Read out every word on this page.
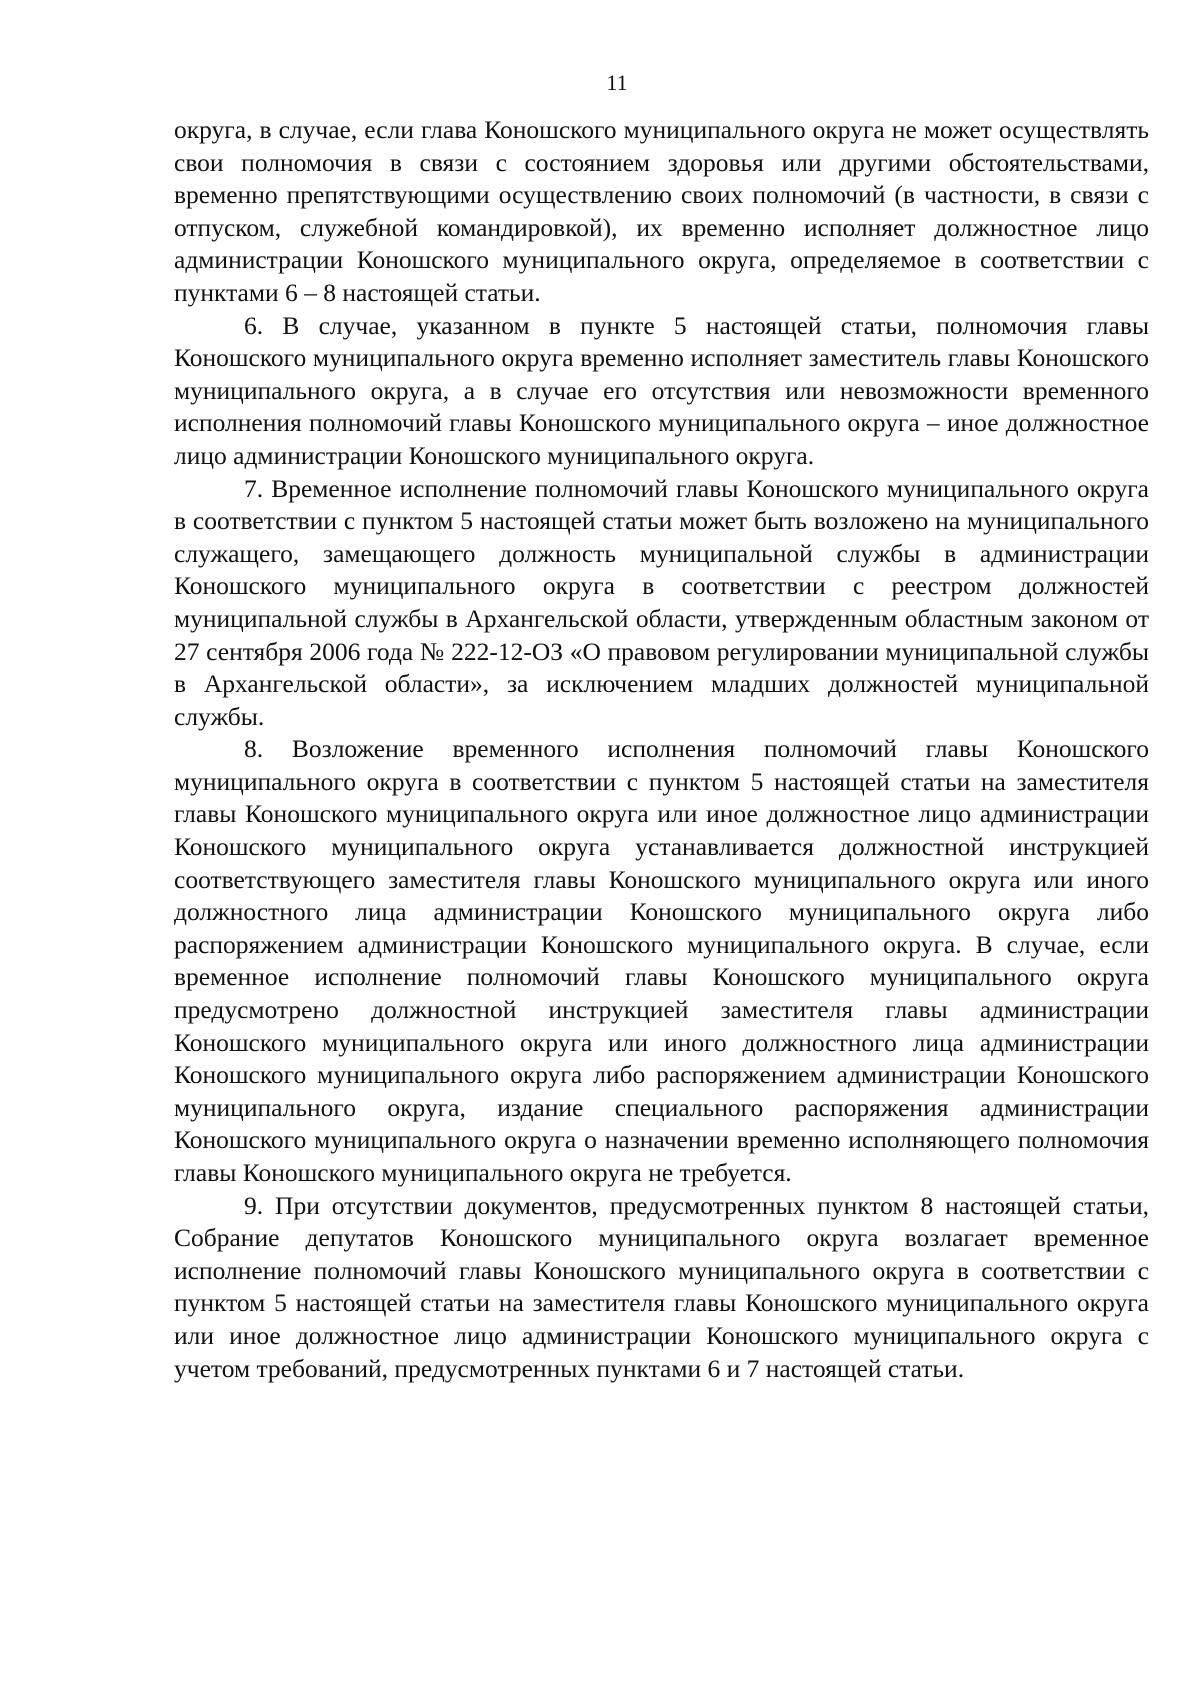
11

округа, в случае, если глава Коношского муниципального округа не может осуществлять свои полномочия в связи с состоянием здоровья или другими обстоятельствами, временно препятствующими осуществлению своих полномочий (в частности, в связи с отпуском, служебной командировкой), их временно исполняет должностное лицо администрации Коношского муниципального округа, определяемое в соответствии с пунктами 6 – 8 настоящей статьи.

6. В случае, указанном в пункте 5 настоящей статьи, полномочия главы Коношского муниципального округа временно исполняет заместитель главы Коношского муниципального округа, а в случае его отсутствия или невозможности временного исполнения полномочий главы Коношского муниципального округа – иное должностное лицо администрации Коношского муниципального округа.

7. Временное исполнение полномочий главы Коношского муниципального округа в соответствии с пунктом 5 настоящей статьи может быть возложено на муниципального служащего, замещающего должность муниципальной службы в администрации Коношского муниципального округа в соответствии с реестром должностей муниципальной службы в Архангельской области, утвержденным областным законом от 27 сентября 2006 года № 222-12-ОЗ «О правовом регулировании муниципальной службы в Архангельской области», за исключением младших должностей муниципальной службы.

8. Возложение временного исполнения полномочий главы Коношского муниципального округа в соответствии с пунктом 5 настоящей статьи на заместителя главы Коношского муниципального округа или иное должностное лицо администрации Коношского муниципального округа устанавливается должностной инструкцией соответствующего заместителя главы Коношского муниципального округа или иного должностного лица администрации Коношского муниципального округа либо распоряжением администрации Коношского муниципального округа. В случае, если временное исполнение полномочий главы Коношского муниципального округа предусмотрено должностной инструкцией заместителя главы администрации Коношского муниципального округа или иного должностного лица администрации Коношского муниципального округа либо распоряжением администрации Коношского муниципального округа, издание специального распоряжения администрации Коношского муниципального округа о назначении временно исполняющего полномочия главы Коношского муниципального округа не требуется.

9. При отсутствии документов, предусмотренных пунктом 8 настоящей статьи, Собрание депутатов Коношского муниципального округа возлагает временное исполнение полномочий главы Коношского муниципального округа в соответствии с пунктом 5 настоящей статьи на заместителя главы Коношского муниципального округа или иное должностное лицо администрации Коношского муниципального округа с учетом требований, предусмотренных пунктами 6 и 7 настоящей статьи.
